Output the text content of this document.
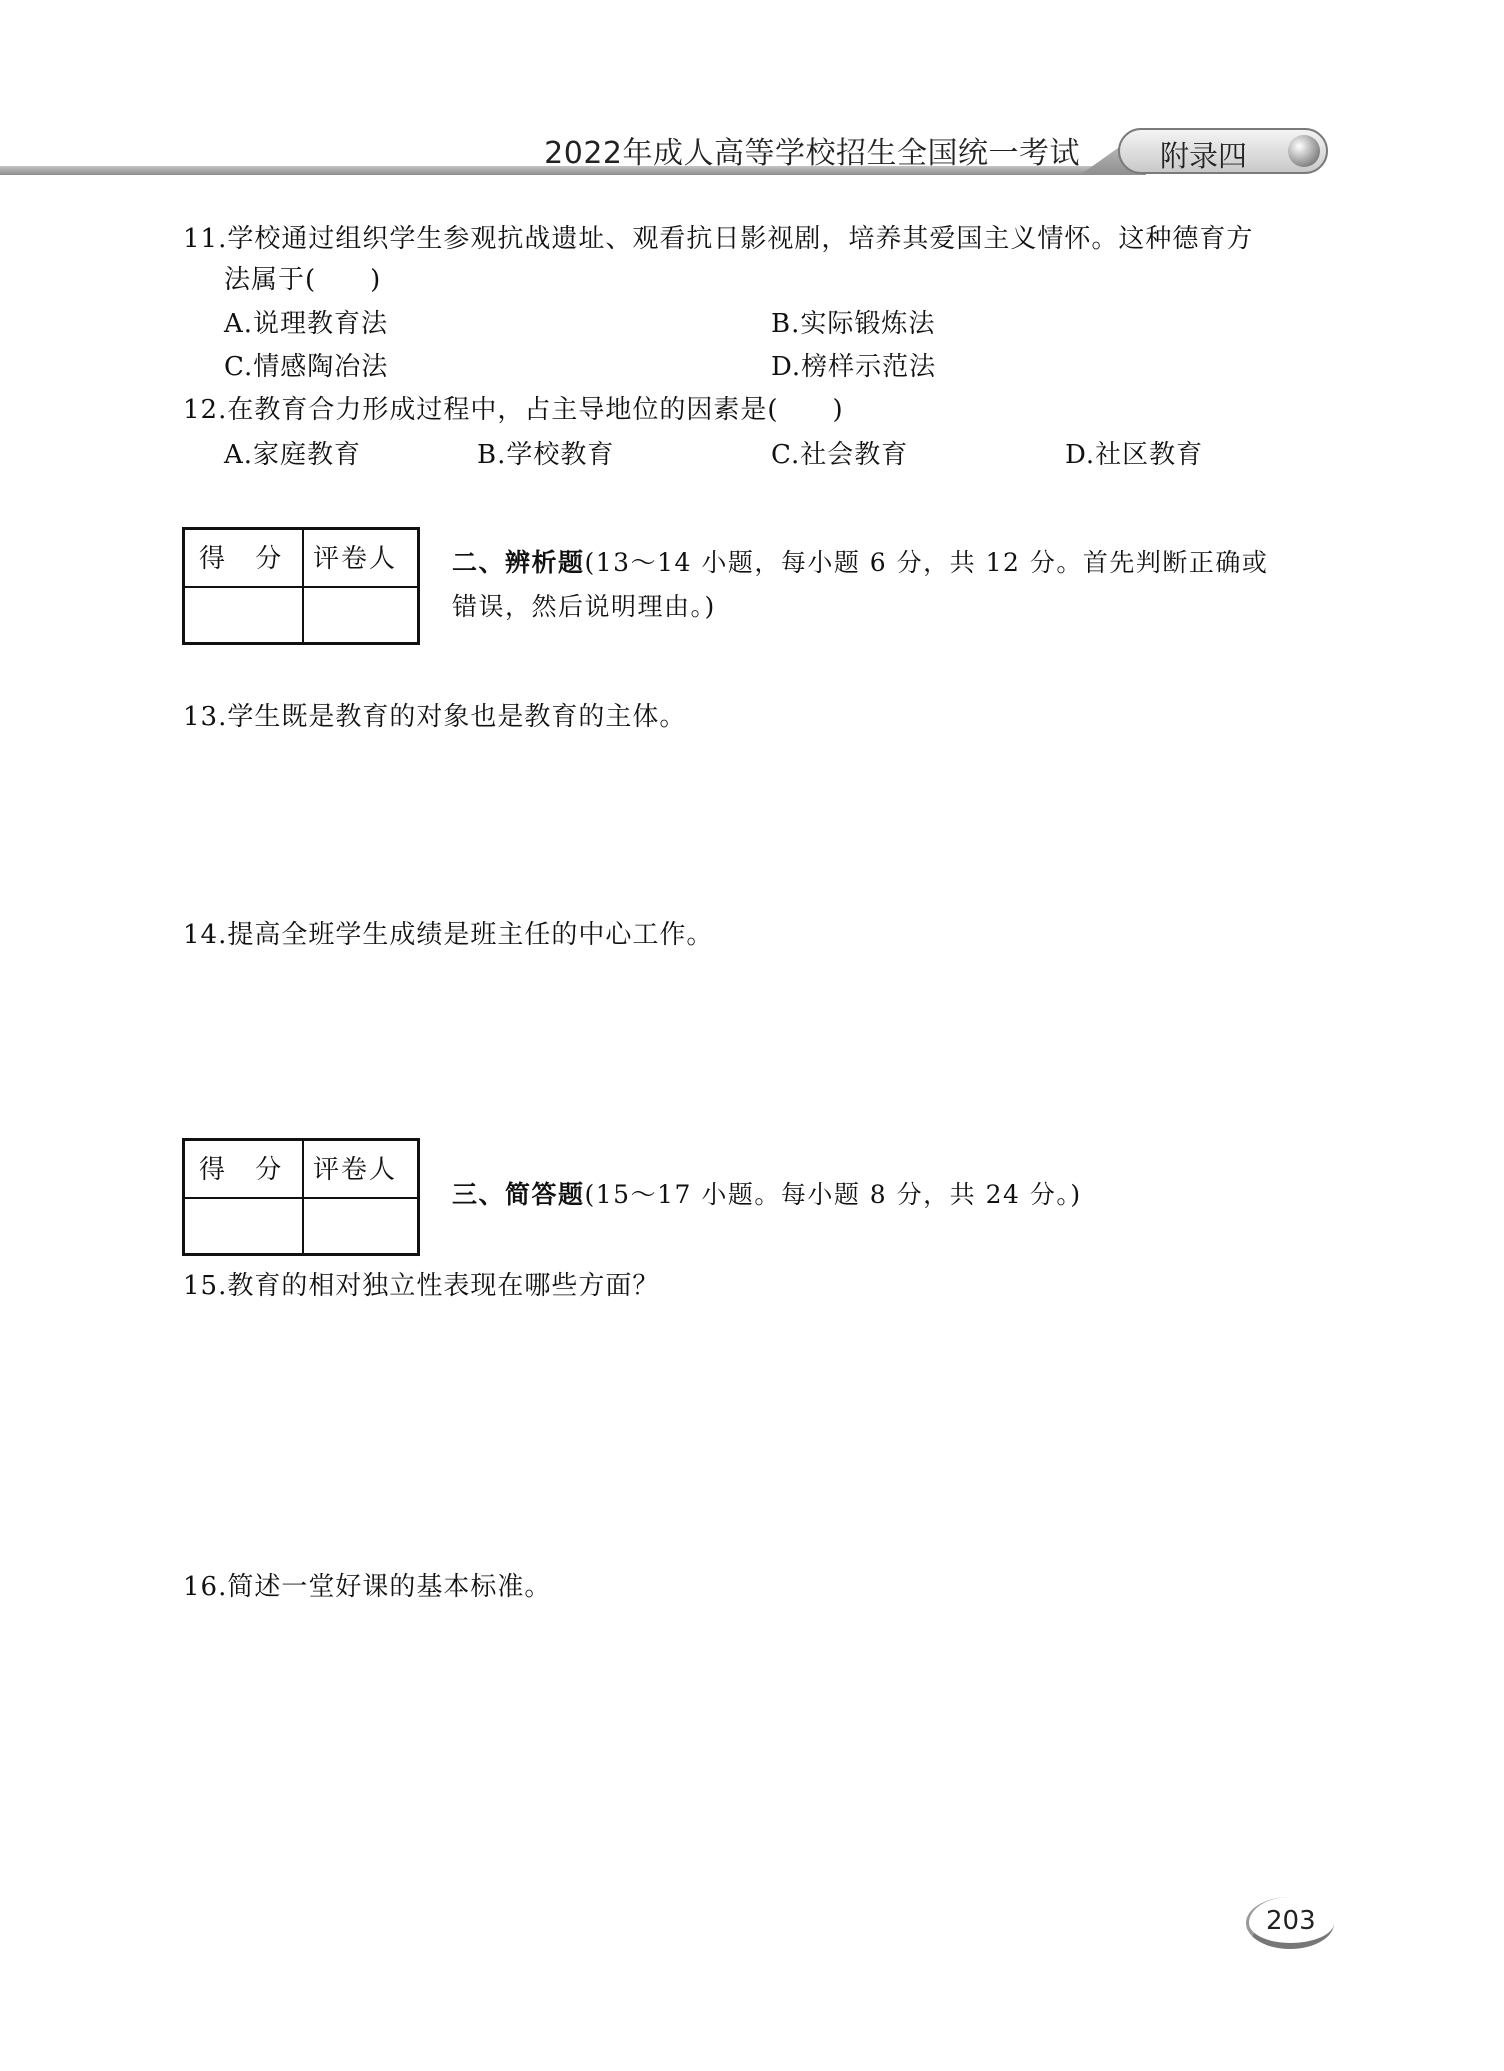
2022年成人高等学校招生全国统一考试	附录四
11.学校通过组织学生参观抗战遗址、观看抗日影视剧，培养其爱国主义情怀。这种德育方
法属于(　　)
A.说理教育法	B.实际锻炼法
C.情感陶冶法	D.榜样示范法
12.在教育合力形成过程中，占主导地位的因素是(　　)
A.家庭教育	B.学校教育	C.社会教育	D.社区教育
得 分 评卷人 二、辨析题(13～14 小题，每小题 6 分，共 12 分。首先判断正确或
错误，然后说明理由。)
13.学生既是教育的对象也是教育的主体。
14.提高全班学生成绩是班主任的中心工作。
得 分 评卷人
三、简答题(15～17 小题。每小题 8 分，共 24 分。)
15.教育的相对独立性表现在哪些方面？
16.简述一堂好课的基本标准。
203
